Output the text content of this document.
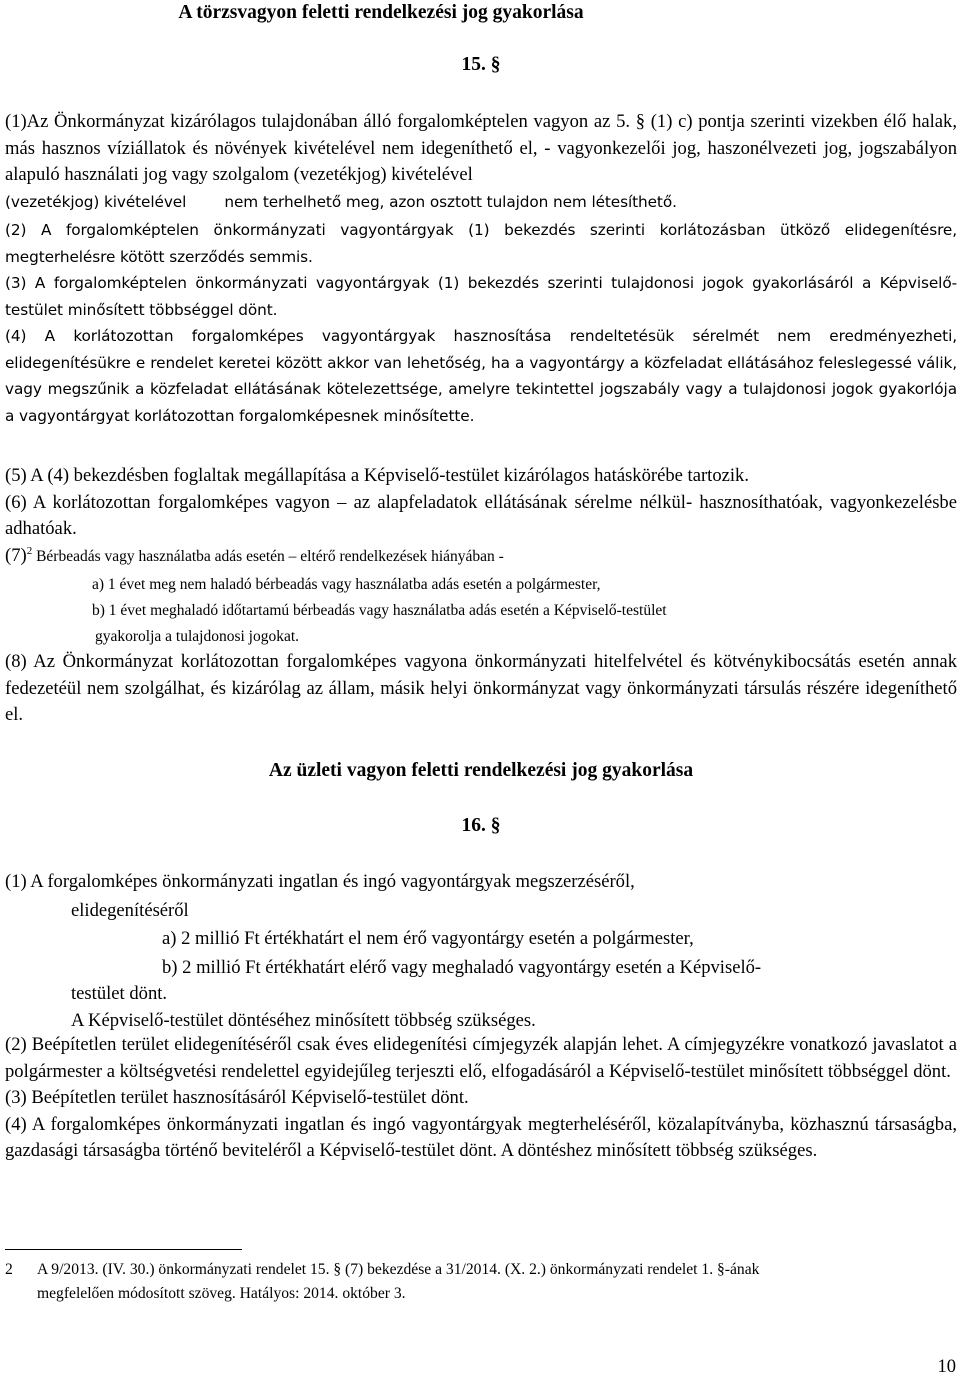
A törzsvagyon feletti rendelkezési jog gyakorlása

15. §

(1)Az Önkormányzat kizárólagos tulajdonában álló forgalomképtelen vagyon az 5. § (1) c) pontja szerinti vizekben élő halak, más hasznos víziállatok és növények kivételével nem idegeníthető el, - vagyonkezelői jog, haszonélvezeti jog, jogszabályon alapuló használati jog vagy szolgalom (vezetékjog) kivételével

(vezetékjog) kivételével        nem terhelhető meg, azon osztott tulajdon nem létesíthető.

(2) A forgalomképtelen önkormányzati vagyontárgyak (1) bekezdés szerinti korlátozásban ütköző elidegenítésre, megterhelésre kötött szerződés semmis.

(3) A forgalomképtelen önkormányzati vagyontárgyak (1) bekezdés szerinti tulajdonosi jogok gyakorlásáról a Képviselő-testület minősített többséggel dönt.

(4) A korlátozottan forgalomképes vagyontárgyak hasznosítása rendeltetésük sérelmét nem eredményezheti, elidegenítésükre e rendelet keretei között akkor van lehetőség, ha a vagyontárgy a közfeladat ellátásához feleslegessé válik, vagy megszűnik a közfeladat ellátásának kötelezettsége, amelyre tekintettel jogszabály vagy a tulajdonosi jogok gyakorlója a vagyontárgyat korlátozottan forgalomképesnek minősítette.

(5) A (4) bekezdésben foglaltak megállapítása a Képviselő-testület kizárólagos hatáskörébe tartozik.

(6) A korlátozottan forgalomképes vagyon – az alapfeladatok ellátásának sérelme nélkül- hasznosíthatóak, vagyonkezelésbe adhatóak.

$(7)^2$ Bérbeadás vagy használatba adás esetén – eltérő rendelkezések hiányában -

a) 1 évet meg nem haladó bérbeadás vagy használatba adás esetén a polgármester,

b) 1 évet meghaladó időtartamú bérbeadás vagy használatba adás esetén a Képviselő-testület

gyakorolja a tulajdonosi jogokat.

(8) Az Önkormányzat korlátozottan forgalomképes vagyona önkormányzati hitelfelvétel és kötvénykibocsátás esetén annak fedezetéül nem szolgálhat, és kizárólag az állam, másik helyi önkormányzat vagy önkormányzati társulás részére idegeníthető el.

Az üzleti vagyon feletti rendelkezési jog gyakorlása

16. §

(1) A forgalomképes önkormányzati ingatlan és ingó vagyontárgyak megszerzéséről,

elidegenítéséről

a) 2 millió Ft értékhatárt el nem érő vagyontárgy esetén a polgármester,

b) 2 millió Ft értékhatárt elérő vagy meghaladó vagyontárgy esetén a Képviselő-

testület dönt.

A Képviselő-testület döntéséhez minősített többség szükséges.

(2) Beépítetlen terület elidegenítéséről csak éves elidegenítési címjegyzék alapján lehet. A címjegyzékre vonatkozó javaslatot a polgármester a költségvetési rendelettel egyidejűleg terjeszti elő, elfogadásáról a Képviselő-testület minősített többséggel dönt.

(3) Beépítetlen terület hasznosításáról Képviselő-testület dönt.

(4) A forgalomképes önkormányzati ingatlan és ingó vagyontárgyak megterheléséről, közalapítványba, közhasznú társaságba, gazdasági társaságba történő beviteléről a Képviselő-testület dönt. A döntéshez minősített többség szükséges.

2 A 9/2013. (IV. 30.) önkormányzati rendelet 15. § (7) bekezdése a 31/2014. (X. 2.) önkormányzati rendelet 1. §-ának
megfelelően módosított szöveg. Hatályos: 2014. október 3.
10
